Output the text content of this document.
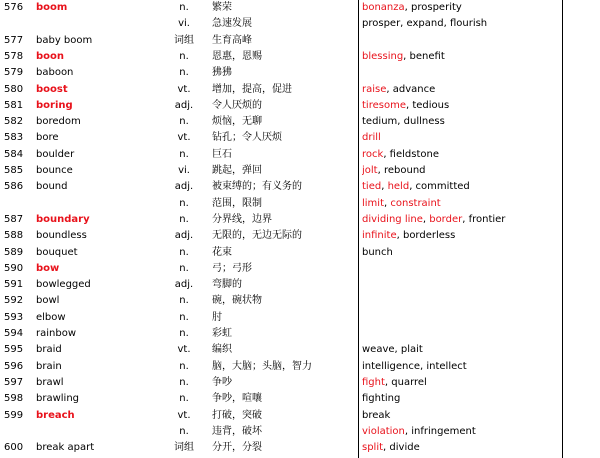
576	boom	n.	繁荣	bonanza, prosperity
vi.	急速发展	prosper, expand, flourish
577	baby boom	词组	生育高峰
578	boon	n.	恩惠，恩赐	blessing, benefit
579	baboon	n.	狒狒
580	boost	vt.	增加，提高，促进	raise, advance
581	boring	adj.	令人厌烦的	tiresome, tedious
582	boredom	n.	烦恼，无聊	tedium, dullness
583	bore	vt.	钻孔；令人厌烦	drill
584	boulder	n.	巨石	rock, fieldstone
585	bounce	vi.	跳起，弹回	jolt, rebound
586	bound	adj.	被束缚的；有义务的	tied, held, committed
n.	范围，限制	limit, constraint
587	boundary	n.	分界线，边界	dividing line, border, frontier
588	boundless	adj.	无限的，无边无际的	infinite, borderless
589	bouquet	n.	花束	bunch
590	bow	n.	弓；弓形
591	bowlegged	adj.	弯脚的
592	bowl	n.	碗，碗状物
593	elbow	n.	肘
594	rainbow	n.	彩虹
595	braid	vt.	编织	weave, plait
596	brain	n.	脑，大脑；头脑，智力	intelligence, intellect
597	brawl	n.	争吵	fight, quarrel
598	brawling	n.	争吵，喧嚷	fighting
599	breach	vt.	打破，突破	break
n.	违背，破坏	violation, infringement
600	break apart	词组	分开，分裂	split, divide
